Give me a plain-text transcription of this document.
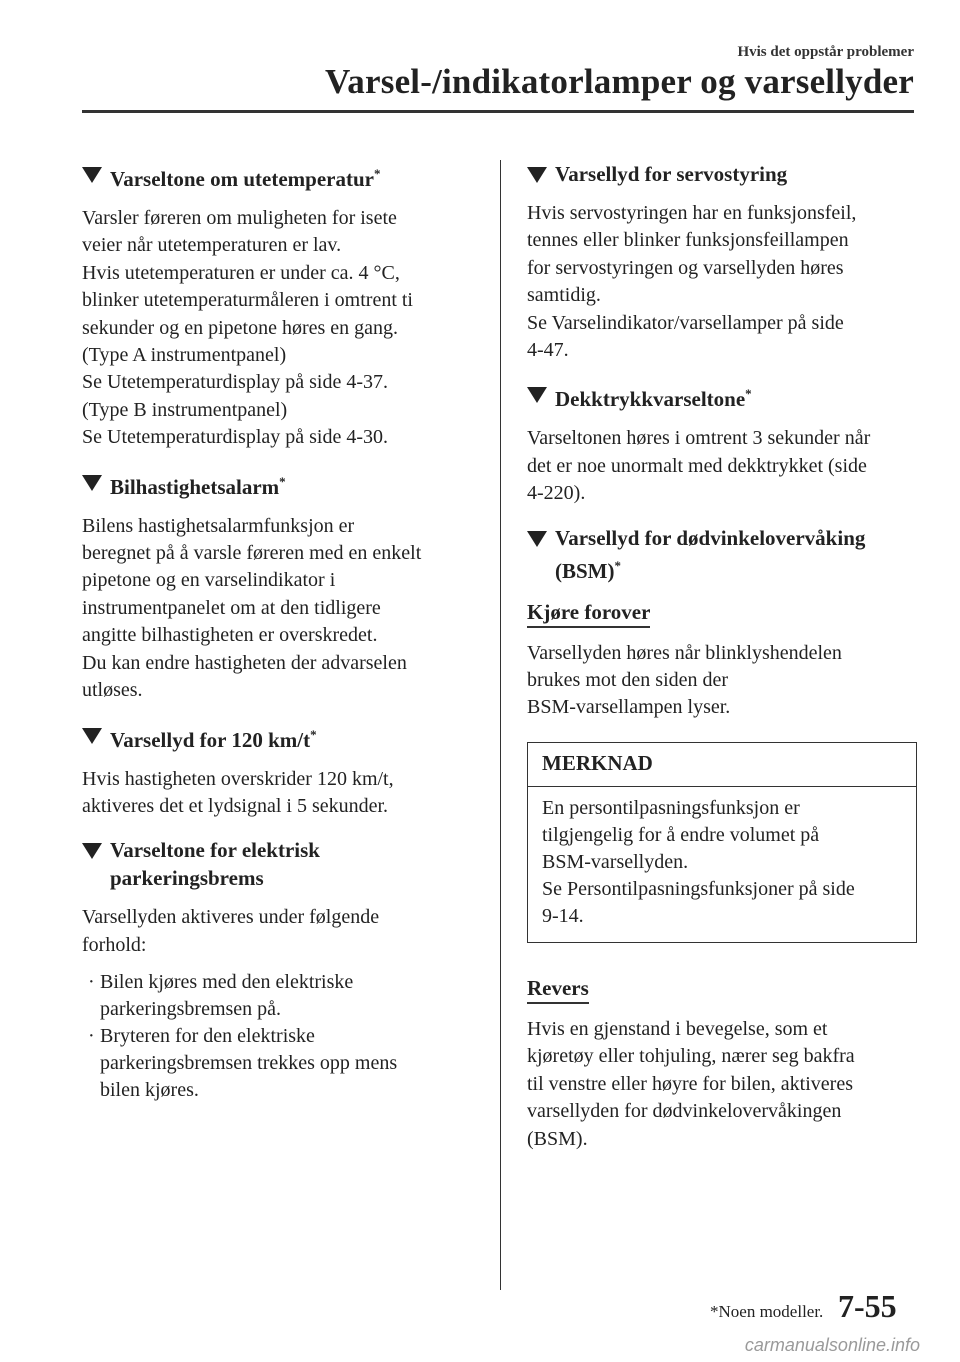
Hvis det oppstår problemer
Varsel-/indikatorlamper og varsellyder
Varseltone om utetemperatur*
Varsler føreren om muligheten for isete
veier når utetemperaturen er lav.
Hvis utetemperaturen er under ca. 4 °C,
blinker utetemperaturmåleren i omtrent ti
sekunder og en pipetone høres en gang.
(Type A instrumentpanel)
Se Utetemperaturdisplay på side 4-37.
(Type B instrumentpanel)
Se Utetemperaturdisplay på side 4-30.
Bilhastighetsalarm*
Bilens hastighetsalarmfunksjon er
beregnet på å varsle føreren med en enkelt
pipetone og en varselindikator i
instrumentpanelet om at den tidligere
angitte bilhastigheten er overskredet.
Du kan endre hastigheten der advarselen
utløses.
Varsellyd for 120 km/t*
Hvis hastigheten overskrider 120 km/t,
aktiveres det et lydsignal i 5 sekunder.
Varseltone for elektrisk
parkeringsbrems
Varsellyden aktiveres under følgende
forhold:
· Bilen kjøres med den elektriske
parkeringsbremsen på.
· Bryteren for den elektriske
parkeringsbremsen trekkes opp mens
bilen kjøres.
Varsellyd for servostyring
Hvis servostyringen har en funksjonsfeil,
tennes eller blinker funksjonsfeillampen
for servostyringen og varsellyden høres
samtidig.
Se Varselindikator/varsellamper på side
4-47.
Dekktrykkvarseltone*
Varseltonen høres i omtrent 3 sekunder når
det er noe unormalt med dekktrykket (side
4-220).
Varsellyd for dødvinkelovervåking
(BSM)*
Kjøre forover
Varsellyden høres når blinklyshendelen
brukes mot den siden der
BSM-varsellampen lyser.
MERKNAD
En persontilpasningsfunksjon er
tilgjengelig for å endre volumet på
BSM-varsellyden.
Se Persontilpasningsfunksjoner på side
9-14.
Revers
Hvis en gjenstand i bevegelse, som et
kjøretøy eller tohjuling, nærer seg bakfra
til venstre eller høyre for bilen, aktiveres
varsellyden for dødvinkelovervåkingen
(BSM).
*Noen modeller. 7-55
carmanualsonline.info
